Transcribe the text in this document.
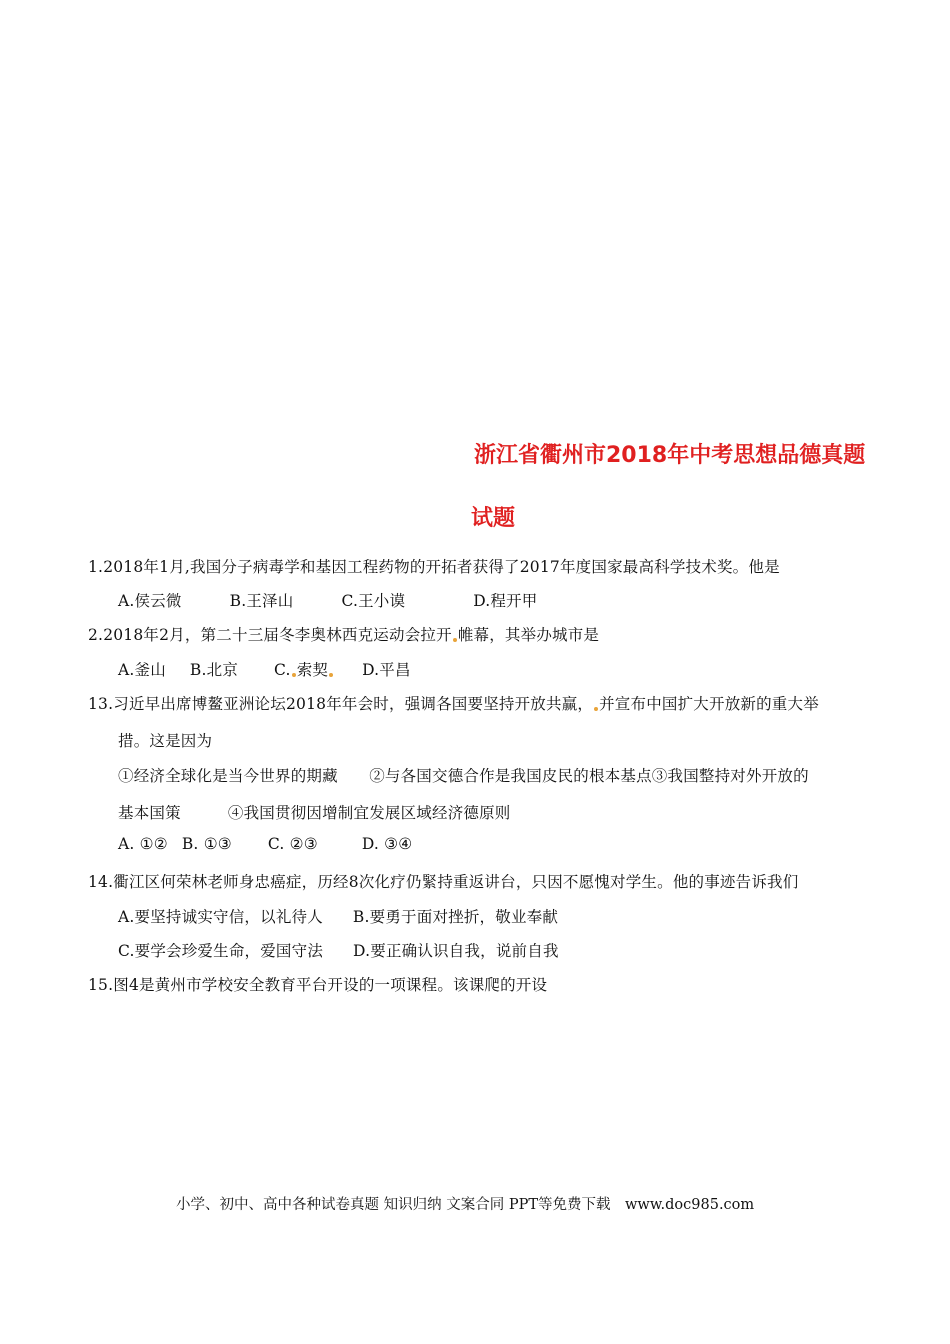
浙江省衢州市2018年中考思想品德真题
试题
1.2018年1月,我国分子病毒学和基因工程药物的开拓者获得了2017年度国家最高科学技术奖。他是
A.侯云微	B.王泽山	C.王小谟	D.程开甲
2.2018年2月，第二十三届冬李奥林西克运动会拉开 帷幕，其举办城市是
A.釜山 B.北京 C. 索契 D.平昌
13.习近早出席博鳌亚洲论坛2018年年会时，强调各国要坚持开放共赢， 并宣布中国扩大开放新的重大举
措。这是因为
①经济全球化是当今世界的期藏　　②与各国交德合作是我国皮民的根本基点③我国整持对外开放的
基本国策　　　④我国贯彻因增制宜发展区域经济德原则
A. ①② B. ①③ C. ②③	D. ③④
14.衢江区何荣林老师身忠癌症，历经8次化疗仍緊持重返讲台，只因不愿愧对学生。他的事迹告诉我们
A.要坚持诚实守信，以礼待人 B.要勇于面对挫折，敬业奉献
C.要学会珍爱生命，爱国守法 D.要正确认识自我，说前自我
15.图4是黄州市学校安全教育平台开设的一项课程。该课爬的开设
小学、初中、高中各种试卷真题 知识归纳 文案合同 PPT等免费下载　www.doc985.com
